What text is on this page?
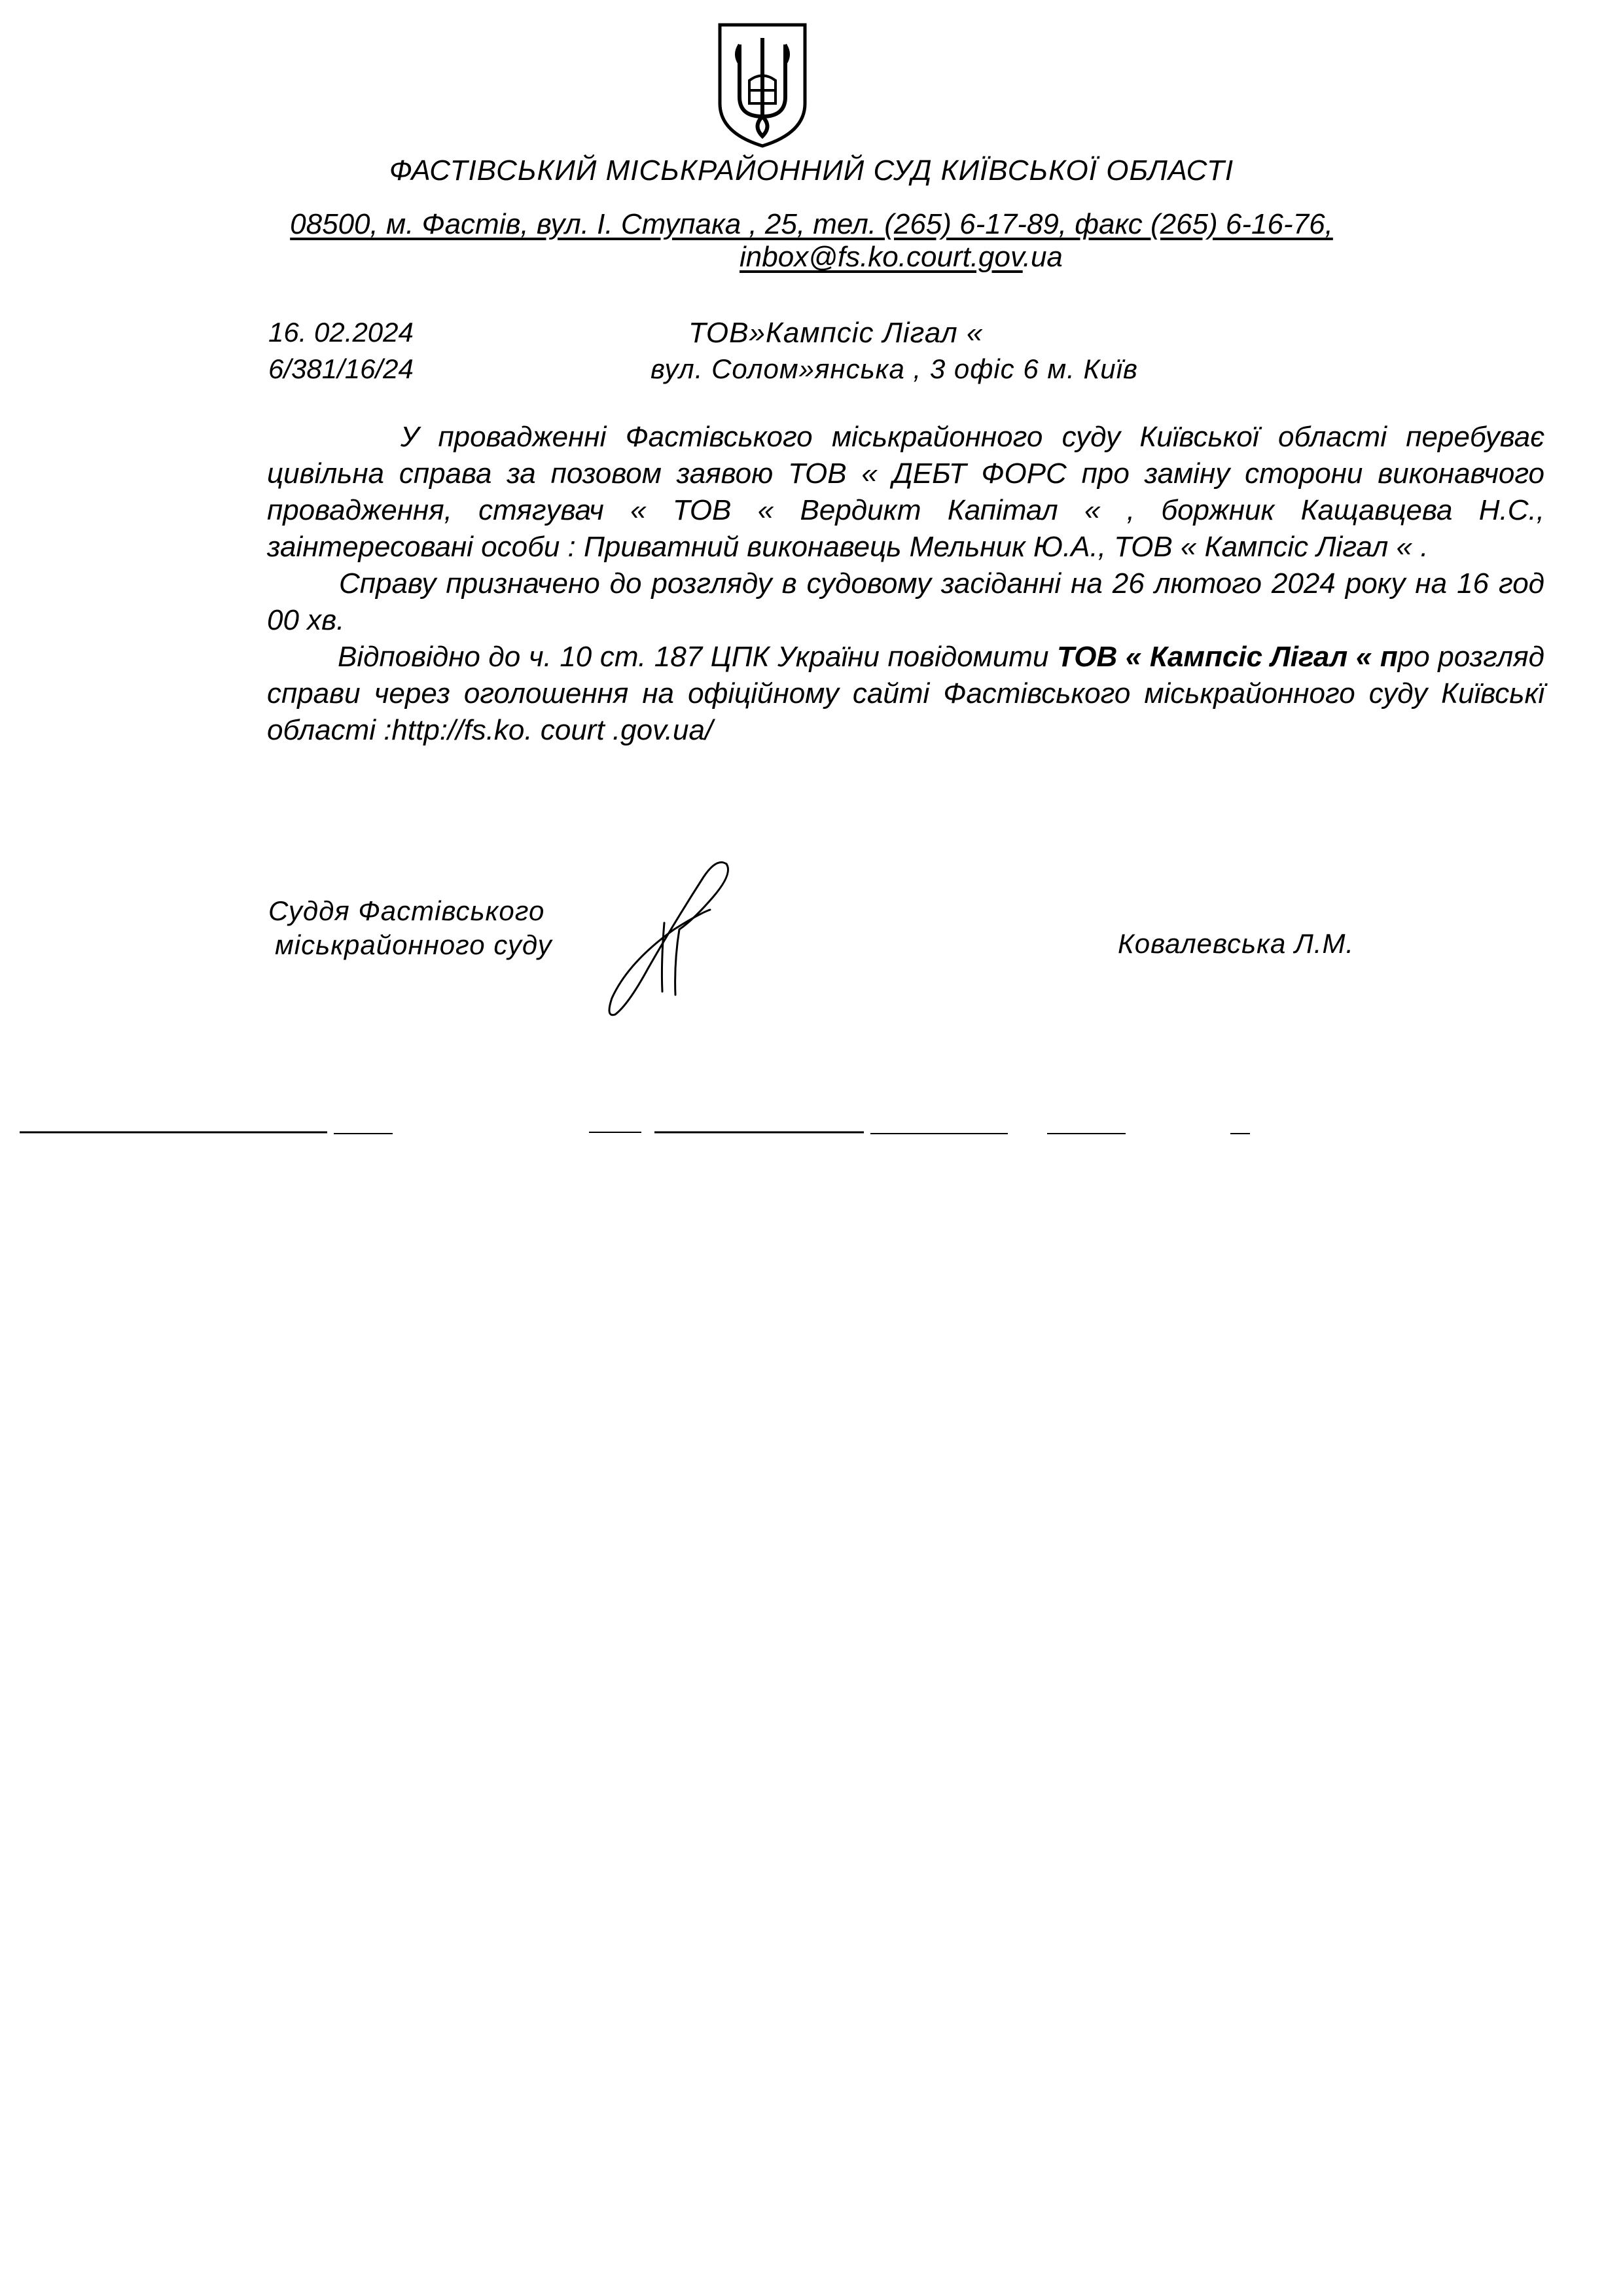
ФАСТІВСЬКИЙ МІСЬКРАЙОННИЙ СУД КИЇВСЬКОЇ ОБЛАСТІ
08500, м. Фастів, вул. І. Ступака , 25, тел. (265) 6-17-89, факс (265) 6-16-76,
inbox@fs.ko.court.gov.ua
16. 02.2024
6/381/16/24
ТОВ»Кампсіс Лігал «
вул. Солом»янська , 3 офіс 6 м. Київ

У провадженні Фастівського міськрайонного суду Київської області перебуває цивільна справа за позовом заявою ТОВ « ДЕБТ ФОРС про заміну сторони виконавчого провадження, стягувач « ТОВ « Вердикт Капітал « , боржник Кащавцева Н.С., заінтересовані особи : Приватний виконавець Мельник Ю.А., ТОВ « Кампсіс Лігал « .

Справу призначено до розгляду в судовому засіданні на 26 лютого 2024 року на 16 год 00 хв.

Відповідно до ч. 10 ст. 187 ЦПК України повідомити ТОВ « Кампсіс Лігал « про розгляд справи через оголошення на офіційному сайті Фастівського міськрайонного суду Київськї області :http://fs.ko. court .gov.ua/

Суддя Фастівського
міськрайонного суду	Ковалевська Л.М.
